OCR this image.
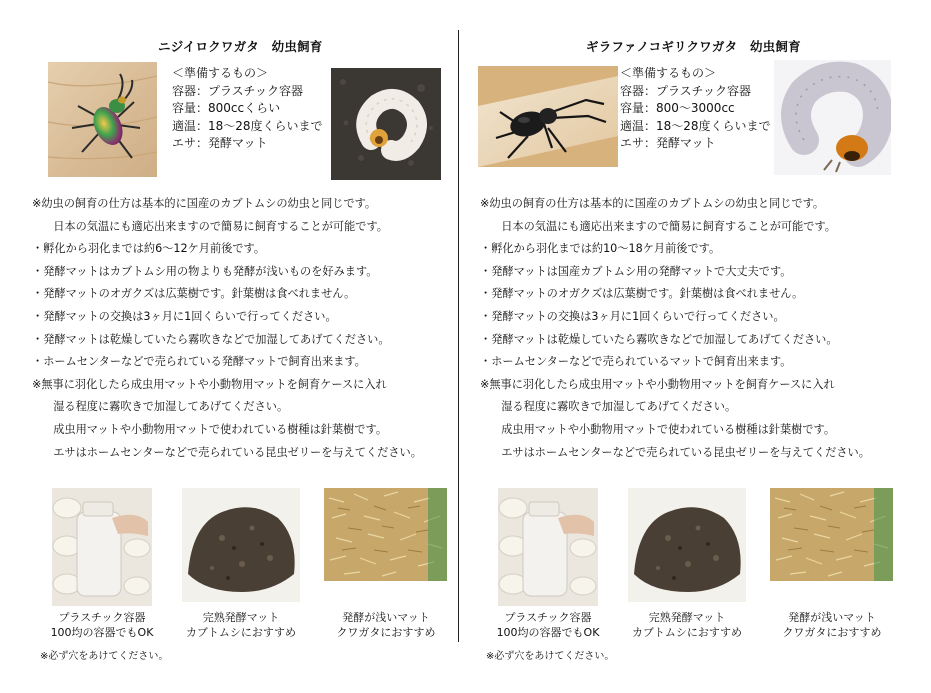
ニジイロクワガタ　幼虫飼育
＜準備するもの＞
容器：プラスチック容器
容量：800ccくらい
適温：18～28度くらいまで
エサ：発酵マット
※幼虫の飼育の仕方は基本的に国産のカブトムシの幼虫と同じです。
　日本の気温にも適応出来ますので簡易に飼育することが可能です。
・孵化から羽化までは約6～12ケ月前後です。
・発酵マットはカブトムシ用の物よりも発酵が浅いものを好みます。
・発酵マットのオガクズは広葉樹です。針葉樹は食べれません。
・発酵マットの交換は3ヶ月に1回くらいで行ってください。
・発酵マットは乾燥していたら霧吹きなどで加湿してあげてください。
・ホームセンターなどで売られている発酵マットで飼育出来ます。
※無事に羽化したら成虫用マットや小動物用マットを飼育ケースに入れ
　湿る程度に霧吹きで加湿してあげてください。
　成虫用マットや小動物用マットで使われている樹種は針葉樹です。
　エサはホームセンターなどで売られている昆虫ゼリーを与えてください。
プラスチック容器
100均の容器でもOK
完熟発酵マット
カブトムシにおすすめ
発酵が浅いマット
クワガタにおすすめ
※必ず穴をあけてください。
ギラファノコギリクワガタ　幼虫飼育
＜準備するもの＞
容器：プラスチック容器
容量：800～3000cc
適温：18～28度くらいまで
エサ：発酵マット
※幼虫の飼育の仕方は基本的に国産のカブトムシの幼虫と同じです。
　日本の気温にも適応出来ますので簡易に飼育することが可能です。
・孵化から羽化までは約10～18ケ月前後です。
・発酵マットは国産カブトムシ用の発酵マットで大丈夫です。
・発酵マットのオガクズは広葉樹です。針葉樹は食べれません。
・発酵マットの交換は3ヶ月に1回くらいで行ってください。
・発酵マットは乾燥していたら霧吹きなどで加湿してあげてください。
・ホームセンターなどで売られているマットで飼育出来ます。
※無事に羽化したら成虫用マットや小動物用マットを飼育ケースに入れ
　湿る程度に霧吹きで加湿してあげてください。
　成虫用マットや小動物用マットで使われている樹種は針葉樹です。
　エサはホームセンターなどで売られている昆虫ゼリーを与えてください。
プラスチック容器
100均の容器でもOK
完熟発酵マット
カブトムシにおすすめ
発酵が浅いマット
クワガタにおすすめ
※必ず穴をあけてください。
